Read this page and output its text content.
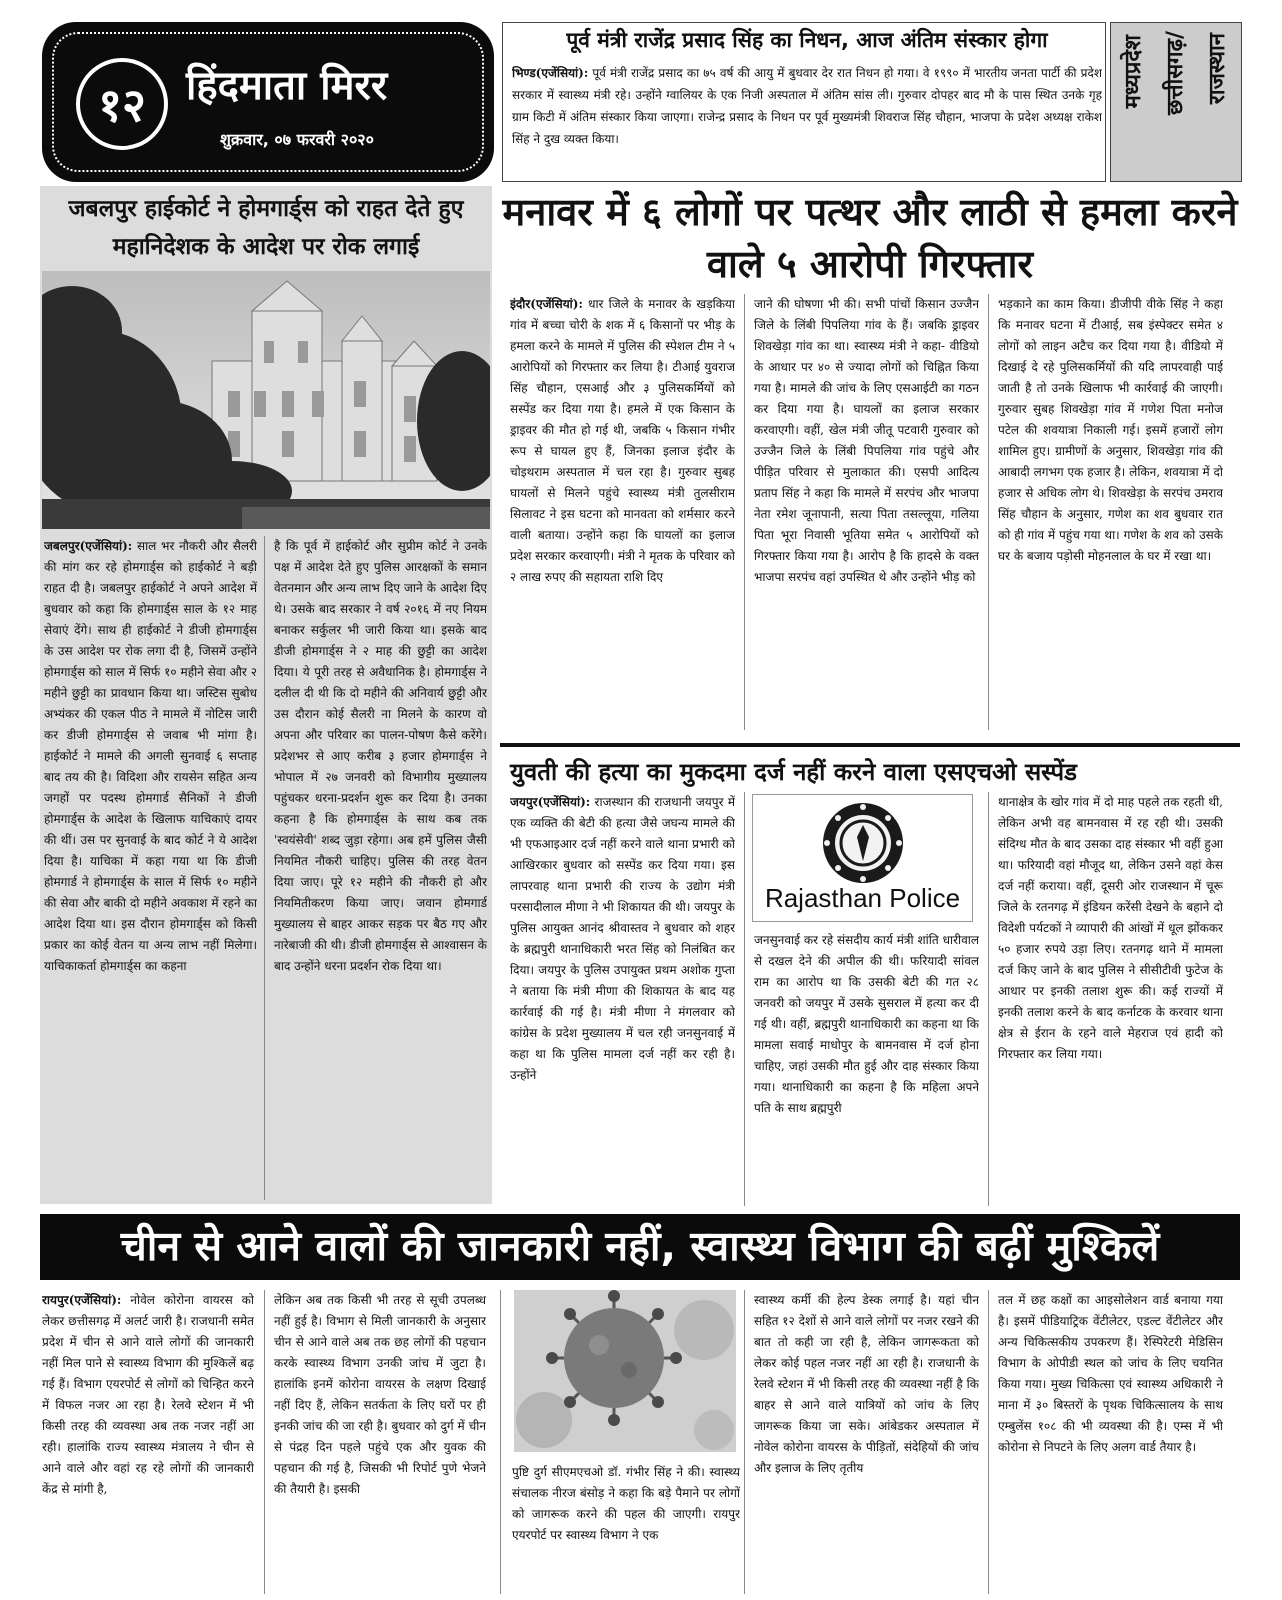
१२	हिंदमाता मिरर
शुक्रवार, ०७ फरवरी २०२०
पूर्व मंत्री राजेंद्र प्रसाद सिंह का निधन, आज अंतिम संस्कार होगा
भिण्ड(एजेंसियां): पूर्व मंत्री राजेंद्र प्रसाद का ७५ वर्ष की आयु में बुधवार देर रात निधन हो गया। वे १९९० में भारतीय जनता पार्टी की प्रदेश सरकार में स्वास्थ्य मंत्री रहे। उन्होंने ग्वालियर के एक निजी अस्पताल में अंतिम सांस ली। गुरुवार दोपहर बाद मौ के पास स्थित उनके गृह ग्राम किटी में अंतिम संस्कार किया जाएगा। राजेन्द्र प्रसाद के निधन पर पूर्व मुख्यमंत्री शिवराज सिंह चौहान, भाजपा के प्रदेश अध्यक्ष राकेश सिंह ने दुख व्यक्त किया।
मध्यप्रदेश छत्तीसगढ़/ राजस्थान
जबलपुर हाईकोर्ट ने होमगार्ड्स को राहत देते हुए महानिदेशक के आदेश पर रोक लगाई
जबलपुर(एजेंसियां): साल भर नौकरी और सैलरी की मांग कर रहे होमगार्ड्स को हाईकोर्ट ने बड़ी राहत दी है। जबलपुर हाईकोर्ट ने अपने आदेश में बुधवार को कहा कि होमगार्ड्स साल के १२ माह सेवाएं देंगे। साथ ही हाईकोर्ट ने डीजी होमगार्ड्स के उस आदेश पर रोक लगा दी है, जिसमें उन्होंने होमगार्ड्स को साल में सिर्फ १० महीने सेवा और २ महीने छुट्टी का प्रावधान किया था। जस्टिस सुबोध अभ्यंकर की एकल पीठ ने मामले में नोटिस जारी कर डीजी होमगार्ड्स से जवाब भी मांगा है। हाईकोर्ट ने मामले की अगली सुनवाई ६ सप्ताह बाद तय की है। विदिशा और रायसेन सहित अन्य जगहों पर पदस्थ होमगार्ड सैनिकों ने डीजी होमगार्ड्स के आदेश के खिलाफ याचिकाएं दायर की थीं। उस पर सुनवाई के बाद कोर्ट ने ये आदेश दिया है। याचिका में कहा गया था कि डीजी होमगार्ड ने होमगार्ड्स के साल में सिर्फ १० महीने की सेवा और बाकी दो महीने अवकाश में रहने का आदेश दिया था। इस दौरान होमगार्ड्स को किसी प्रकार का कोई वेतन या अन्य लाभ नहीं मिलेगा। याचिकाकर्ता होमगार्ड्स का कहना
है कि पूर्व में हाईकोर्ट और सुप्रीम कोर्ट ने उनके पक्ष में आदेश देते हुए पुलिस आरक्षकों के समान वेतनमान और अन्य लाभ दिए जाने के आदेश दिए थे। उसके बाद सरकार ने वर्ष २०१६ में नए नियम बनाकर सर्कुलर भी जारी किया था। इसके बाद डीजी होमगार्ड्स ने २ माह की छुट्टी का आदेश दिया। ये पूरी तरह से अवैधानिक है। होमगार्ड्स ने दलील दी थी कि दो महीने की अनिवार्य छुट्टी और उस दौरान कोई सैलरी ना मिलने के कारण वो अपना और परिवार का पालन-पोषण कैसे करेंगे। प्रदेशभर से आए करीब ३ हजार होमगार्ड्स ने भोपाल में २७ जनवरी को विभागीय मुख्यालय पहुंचकर धरना-प्रदर्शन शुरू कर दिया है। उनका कहना है कि होमगार्ड्स के साथ कब तक 'स्वयंसेवी' शब्द जुड़ा रहेगा। अब हमें पुलिस जैसी नियमित नौकरी चाहिए। पुलिस की तरह वेतन दिया जाए। पूरे १२ महीने की नौकरी हो और नियमितीकरण किया जाए। जवान होमगार्ड मुख्यालय से बाहर आकर सड़क पर बैठ गए और नारेबाजी की थी। डीजी होमगार्ड्स से आश्वासन के बाद उन्होंने धरना प्रदर्शन रोक दिया था।
मनावर में ६ लोगों पर पत्थर और लाठी से हमला करने वाले ५ आरोपी गिरफ्तार
इंदौर(एजेंसियां): धार जिले के मनावर के खड़किया गांव में बच्चा चोरी के शक में ६ किसानों पर भीड़ के हमला करने के मामले में पुलिस की स्पेशल टीम ने ५ आरोपियों को गिरफ्तार कर लिया है। टीआई युवराज सिंह चौहान, एसआई और ३ पुलिसकर्मियों को सस्पेंड कर दिया गया है। हमले में एक किसान के ड्राइवर की मौत हो गई थी, जबकि ५ किसान गंभीर रूप से घायल हुए हैं, जिनका इलाज इंदौर के चोइथराम अस्पताल में चल रहा है। गुरुवार सुबह घायलों से मिलने पहुंचे स्वास्थ्य मंत्री तुलसीराम सिलावट ने इस घटना को मानवता को शर्मसार करने वाली बताया। उन्होंने कहा कि घायलों का इलाज प्रदेश सरकार करवाएगी। मंत्री ने मृतक के परिवार को २ लाख रुपए की सहायता राशि दिए
जाने की घोषणा भी की। सभी पांचों किसान उज्जैन जिले के लिंबी पिपलिया गांव के हैं। जबकि ड्राइवर शिवखेड़ा गांव का था। स्वास्थ्य मंत्री ने कहा- वीडियो के आधार पर ४० से ज्यादा लोगों को चिह्नित किया गया है। मामले की जांच के लिए एसआईटी का गठन कर दिया गया है। घायलों का इलाज सरकार करवाएगी। वहीं, खेल मंत्री जीतू पटवारी गुरुवार को उज्जैन जिले के लिंबी पिपलिया गांव पहुंचे और पीड़ित परिवार से मुलाकात की। एसपी आदित्य प्रताप सिंह ने कहा कि मामले में सरपंच और भाजपा नेता रमेश जूनापानी, सत्या पिता तसल्लूया, गलिया पिता भूरा निवासी भूतिया समेत ५ आरोपियों को गिरफ्तार किया गया है। आरोप है कि हादसे के वक्त भाजपा सरपंच वहां उपस्थित थे और उन्होंने भीड़ को
भड़काने का काम किया। डीजीपी वीके सिंह ने कहा कि मनावर घटना में टीआई, सब इंस्पेक्टर समेत ४ लोगों को लाइन अटैच कर दिया गया है। वीडियो में दिखाई दे रहे पुलिसकर्मियों की यदि लापरवाही पाई जाती है तो उनके खिलाफ भी कार्रवाई की जाएगी। गुरुवार सुबह शिवखेड़ा गांव में गणेश पिता मनोज पटेल की शवयात्रा निकाली गई। इसमें हजारों लोग शामिल हुए। ग्रामीणों के अनुसार, शिवखेड़ा गांव की आबादी लगभग एक हजार है। लेकिन, शवयात्रा में दो हजार से अधिक लोग थे। शिवखेड़ा के सरपंच उमराव सिंह चौहान के अनुसार, गणेश का शव बुधवार रात को ही गांव में पहुंच गया था। गणेश के शव को उसके घर के बजाय पड़ोसी मोहनलाल के घर में रखा था।
युवती की हत्या का मुकदमा दर्ज नहीं करने वाला एसएचओ सस्पेंड
जयपुर(एजेंसियां): राजस्थान की राजधानी जयपुर में एक व्यक्ति की बेटी की हत्या जैसे जघन्य मामले की भी एफआइआर दर्ज नहीं करने वाले थाना प्रभारी को आखिरकार बुधवार को सस्पेंड कर दिया गया। इस लापरवाह थाना प्रभारी की राज्य के उद्योग मंत्री परसादीलाल मीणा ने भी शिकायत की थी। जयपुर के पुलिस आयुक्त आनंद श्रीवास्तव ने बुधवार को शहर के ब्रह्मपुरी थानाधिकारी भरत सिंह को निलंबित कर दिया। जयपुर के पुलिस उपायुक्त प्रथम अशोक गुप्ता ने बताया कि मंत्री मीणा की शिकायत के बाद यह कार्रवाई की गई है। मंत्री मीणा ने मंगलवार को कांग्रेस के प्रदेश मुख्यालय में चल रही जनसुनवाई में कहा था कि पुलिस मामला दर्ज नहीं कर रही है। उन्होंने
Rajasthan Police
जनसुनवाई कर रहे संसदीय कार्य मंत्री शांति धारीवाल से दखल देने की अपील की थी। फरियादी सांवल राम का आरोप था कि उसकी बेटी की गत २८ जनवरी को जयपुर में उसके सुसराल में हत्या कर दी गई थी। वहीं, ब्रह्मपुरी थानाधिकारी का कहना था कि मामला सवाई माधोपुर के बामनवास में दर्ज होना चाहिए, जहां उसकी मौत हुई और दाह संस्कार किया गया। थानाधिकारी का कहना है कि महिला अपने पति के साथ ब्रह्मपुरी
थानाक्षेत्र के खोर गांव में दो माह पहले तक रहती थी, लेकिन अभी वह बामनवास में रह रही थी। उसकी संदिग्ध मौत के बाद उसका दाह संस्कार भी वहीं हुआ था। फरियादी वहां मौजूद था, लेकिन उसने वहां केस दर्ज नहीं कराया। वहीं, दूसरी ओर राजस्थान में चूरू जिले के रतनगढ़ में इंडियन करेंसी देखने के बहाने दो विदेशी पर्यटकों ने व्यापारी की आंखों में धूल झोंककर ५० हजार रुपये उड़ा लिए। रतनगढ़ थाने में मामला दर्ज किए जाने के बाद पुलिस ने सीसीटीवी फुटेज के आधार पर इनकी तलाश शुरू की। कई राज्यों में इनकी तलाश करने के बाद कर्नाटक के करवार थाना क्षेत्र से ईरान के रहने वाले मेहराज एवं हादी को गिरफ्तार कर लिया गया।
चीन से आने वालों की जानकारी नहीं, स्वास्थ्य विभाग की बढ़ीं मुश्किलें
रायपुर(एजेंसियां): नोवेल कोरोना वायरस को लेकर छत्तीसगढ़ में अलर्ट जारी है। राजधानी समेत प्रदेश में चीन से आने वाले लोगों की जानकारी नहीं मिल पाने से स्वास्थ्य विभाग की मुश्किलें बढ़ गई हैं। विभाग एयरपोर्ट से लोगों को चिन्हित करने में विफल नजर आ रहा है। रेलवे स्टेशन में भी किसी तरह की व्यवस्था अब तक नजर नहीं आ रही। हालांकि राज्य स्वास्थ्य मंत्रालय ने चीन से आने वाले और वहां रह रहे लोगों की जानकारी केंद्र से मांगी है,
लेकिन अब तक किसी भी तरह से सूची उपलब्ध नहीं हुई है। विभाग से मिली जानकारी के अनुसार चीन से आने वाले अब तक छह लोगों की पहचान करके स्वास्थ्य विभाग उनकी जांच में जुटा है। हालांकि इनमें कोरोना वायरस के लक्षण दिखाई नहीं दिए हैं, लेकिन सतर्कता के लिए घरों पर ही इनकी जांच की जा रही है। बुधवार को दुर्ग में चीन से पंद्रह दिन पहले पहुंचे एक और युवक की पहचान की गई है, जिसकी भी रिपोर्ट पुणे भेजने की तैयारी है। इसकी
पुष्टि दुर्ग सीएमएचओ डॉ. गंभीर सिंह ने की। स्वास्थ्य संचालक नीरज बंसोड़ ने कहा कि बड़े पैमाने पर लोगों को जागरूक करने की पहल की जाएगी। रायपुर एयरपोर्ट पर स्वास्थ्य विभाग ने एक
स्वास्थ्य कर्मी की हेल्प डेस्क लगाई है। यहां चीन सहित १२ देशों से आने वाले लोगों पर नजर रखने की बात तो कही जा रही है, लेकिन जागरूकता को लेकर कोई पहल नजर नहीं आ रही है। राजधानी के रेलवे स्टेशन में भी किसी तरह की व्यवस्था नहीं है कि बाहर से आने वाले यात्रियों को जांच के लिए जागरूक किया जा सके। आंबेडकर अस्पताल में नोवेल कोरोना वायरस के पीड़ितों, संदेहियों की जांच और इलाज के लिए तृतीय
तल में छह कक्षों का आइसोलेशन वार्ड बनाया गया है। इसमें पीडियाट्रिक वेंटीलेटर, एडल्ट वेंटीलेटर और अन्य चिकित्सकीय उपकरण हैं। रेस्पिरेटरी मेडिसिन विभाग के ओपीडी स्थल को जांच के लिए चयनित किया गया। मुख्य चिकित्सा एवं स्वास्थ्य अधिकारी ने माना में ३० बिस्तरों के पृथक चिकित्सालय के साथ एम्बुलेंस १०८ की भी व्यवस्था की है। एम्स में भी कोरोना से निपटने के लिए अलग वार्ड तैयार है।
